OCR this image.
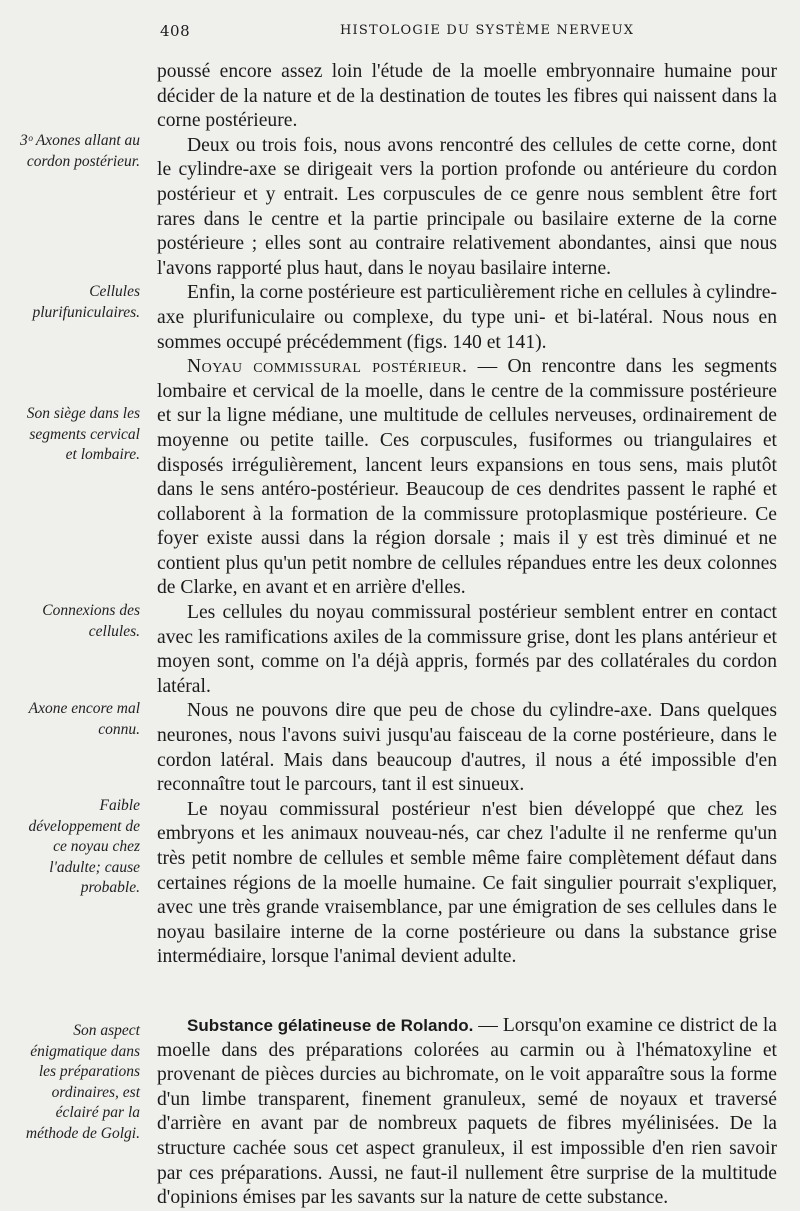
408	HISTOLOGIE DU SYSTÈME NERVEUX
3ᵒ Axones allant au cordon postérieur.
Cellules plurifuniculaires.
Son siège dans les segments cervical et lombaire.
Connexions des cellules.
Axone encore mal connu.
Faible développement de ce noyau chez l'adulte; cause probable.
Son aspect énigmatique dans les préparations ordinaires, est éclairé par la méthode de Golgi.

poussé encore assez loin l'étude de la moelle embryonnaire humaine pour décider de la nature et de la destination de toutes les fibres qui naissent dans la corne postérieure.

Deux ou trois fois, nous avons rencontré des cellules de cette corne, dont le cylindre-axe se dirigeait vers la portion profonde ou antérieure du cordon postérieur et y entrait. Les corpuscules de ce genre nous semblent être fort rares dans le centre et la partie principale ou basilaire externe de la corne postérieure ; elles sont au contraire relativement abondantes, ainsi que nous l'avons rapporté plus haut, dans le noyau basilaire interne.

Enfin, la corne postérieure est particulièrement riche en cellules à cylindre-axe plurifuniculaire ou complexe, du type uni- et bi-latéral. Nous nous en sommes occupé précédemment (figs. 140 et 141).

Noyau commissural postérieur. — On rencontre dans les segments lombaire et cervical de la moelle, dans le centre de la commissure postérieure et sur la ligne médiane, une multitude de cellules nerveuses, ordinairement de moyenne ou petite taille. Ces corpuscules, fusiformes ou triangulaires et disposés irrégulièrement, lancent leurs expansions en tous sens, mais plutôt dans le sens antéro-postérieur. Beaucoup de ces dendrites passent le raphé et collaborent à la formation de la commissure protoplasmique postérieure. Ce foyer existe aussi dans la région dorsale ; mais il y est très diminué et ne contient plus qu'un petit nombre de cellules répandues entre les deux colonnes de Clarke, en avant et en arrière d'elles.

Les cellules du noyau commissural postérieur semblent entrer en contact avec les ramifications axiles de la commissure grise, dont les plans antérieur et moyen sont, comme on l'a déjà appris, formés par des collatérales du cordon latéral.

Nous ne pouvons dire que peu de chose du cylindre-axe. Dans quelques neurones, nous l'avons suivi jusqu'au faisceau de la corne postérieure, dans le cordon latéral. Mais dans beaucoup d'autres, il nous a été impossible d'en reconnaître tout le parcours, tant il est sinueux.

Le noyau commissural postérieur n'est bien développé que chez les embryons et les animaux nouveau-nés, car chez l'adulte il ne renferme qu'un très petit nombre de cellules et semble même faire complètement défaut dans certaines régions de la moelle humaine. Ce fait singulier pourrait s'expliquer, avec une très grande vraisemblance, par une émigration de ses cellules dans le noyau basilaire interne de la corne postérieure ou dans la substance grise intermédiaire, lorsque l'animal devient adulte.

Substance gélatineuse de Rolando. — Lorsqu'on examine ce district de la moelle dans des préparations colorées au carmin ou à l'hématoxyline et provenant de pièces durcies au bichromate, on le voit apparaître sous la forme d'un limbe transparent, finement granuleux, semé de noyaux et traversé d'arrière en avant par de nombreux paquets de fibres myélinisées. De la structure cachée sous cet aspect granuleux, il est impossible d'en rien savoir par ces préparations. Aussi, ne faut-il nullement être surprise de la multitude d'opinions émises par les savants sur la nature de cette substance.
